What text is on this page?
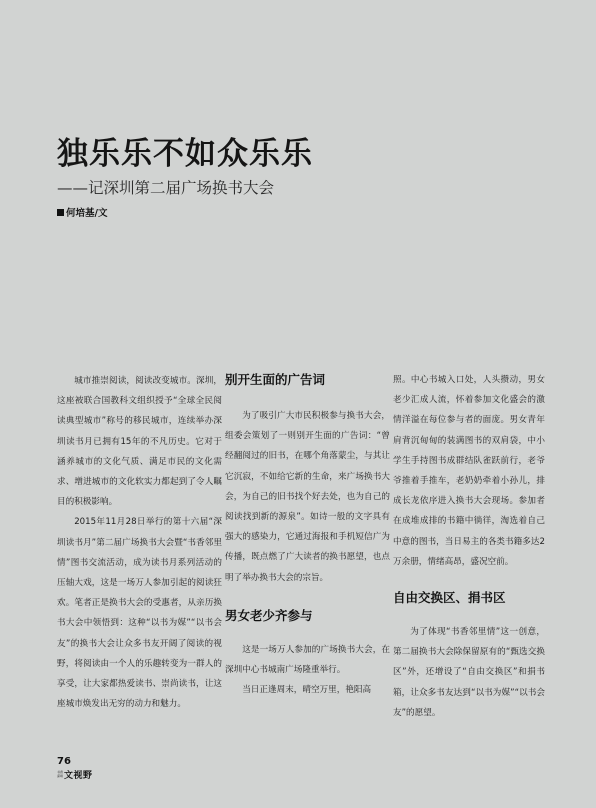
独乐乐不如众乐乐
——记深圳第二届广场换书大会
何培基/文

城市推崇阅读，阅读改变城市。深圳，这座被联合国教科文组织授予“全球全民阅读典型城市”称号的移民城市，连续举办深圳读书月已拥有15年的不凡历史。它对于涵养城市的文化气质、满足市民的文化需求、增进城市的文化软实力都起到了令人瞩目的积极影响。

2015年11月28日举行的第十六届“深圳读书月”第二届广场换书大会暨“书香邻里情”图书交流活动，成为读书月系列活动的压轴大戏，这是一场万人参加引起的阅读狂欢。笔者正是换书大会的受惠者，从亲历换书大会中领悟到：这种“以书为媒”“以书会友”的换书大会让众多书友开阔了阅读的视野，将阅读由一个人的乐趣转变为一群人的享受，让大家都热爱读书、崇尚读书，让这座城市焕发出无穷的动力和魅力。

别开生面的广告词

为了吸引广大市民积极参与换书大会，组委会策划了一则别开生面的广告词：“曾经翻阅过的旧书，在哪个角落蒙尘，与其让它沉寂，不如给它新的生命，来广场换书大会，为自己的旧书找个好去处，也为自己的阅读找到新的源泉”。如诗一般的文字具有强大的感染力，它通过海报和手机短信广为传播，既点燃了广大读者的换书愿望，也点明了举办换书大会的宗旨。

男女老少齐参与

这是一场万人参加的广场换书大会，在深圳中心书城南广场隆重举行。

当日正逢周末，晴空万里，艳阳高

照。中心书城入口处，人头攒动，男女老少汇成人流，怀着参加文化盛会的激情洋溢在每位参与者的面庞。男女青年肩背沉甸甸的装满图书的双肩袋，中小学生手持图书成群结队雀跃前行，老爷爷推着手推车，老奶奶牵着小孙儿，排成长龙依序进入换书大会现场。参加者在成堆成排的书籍中徜徉，淘选着自己中意的图书，当日易主的各类书籍多达2万余册，情绪高昂，盛况空前。

自由交换区、捐书区

为了体现“书香邻里情”这一创意，第二届换书大会除保留原有的“甄选交换区”外，还增设了“自由交换区”和捐书箱，让众多书友达到“以书为媒”“以书会友”的愿望。

76
书香
深圳 文视野
